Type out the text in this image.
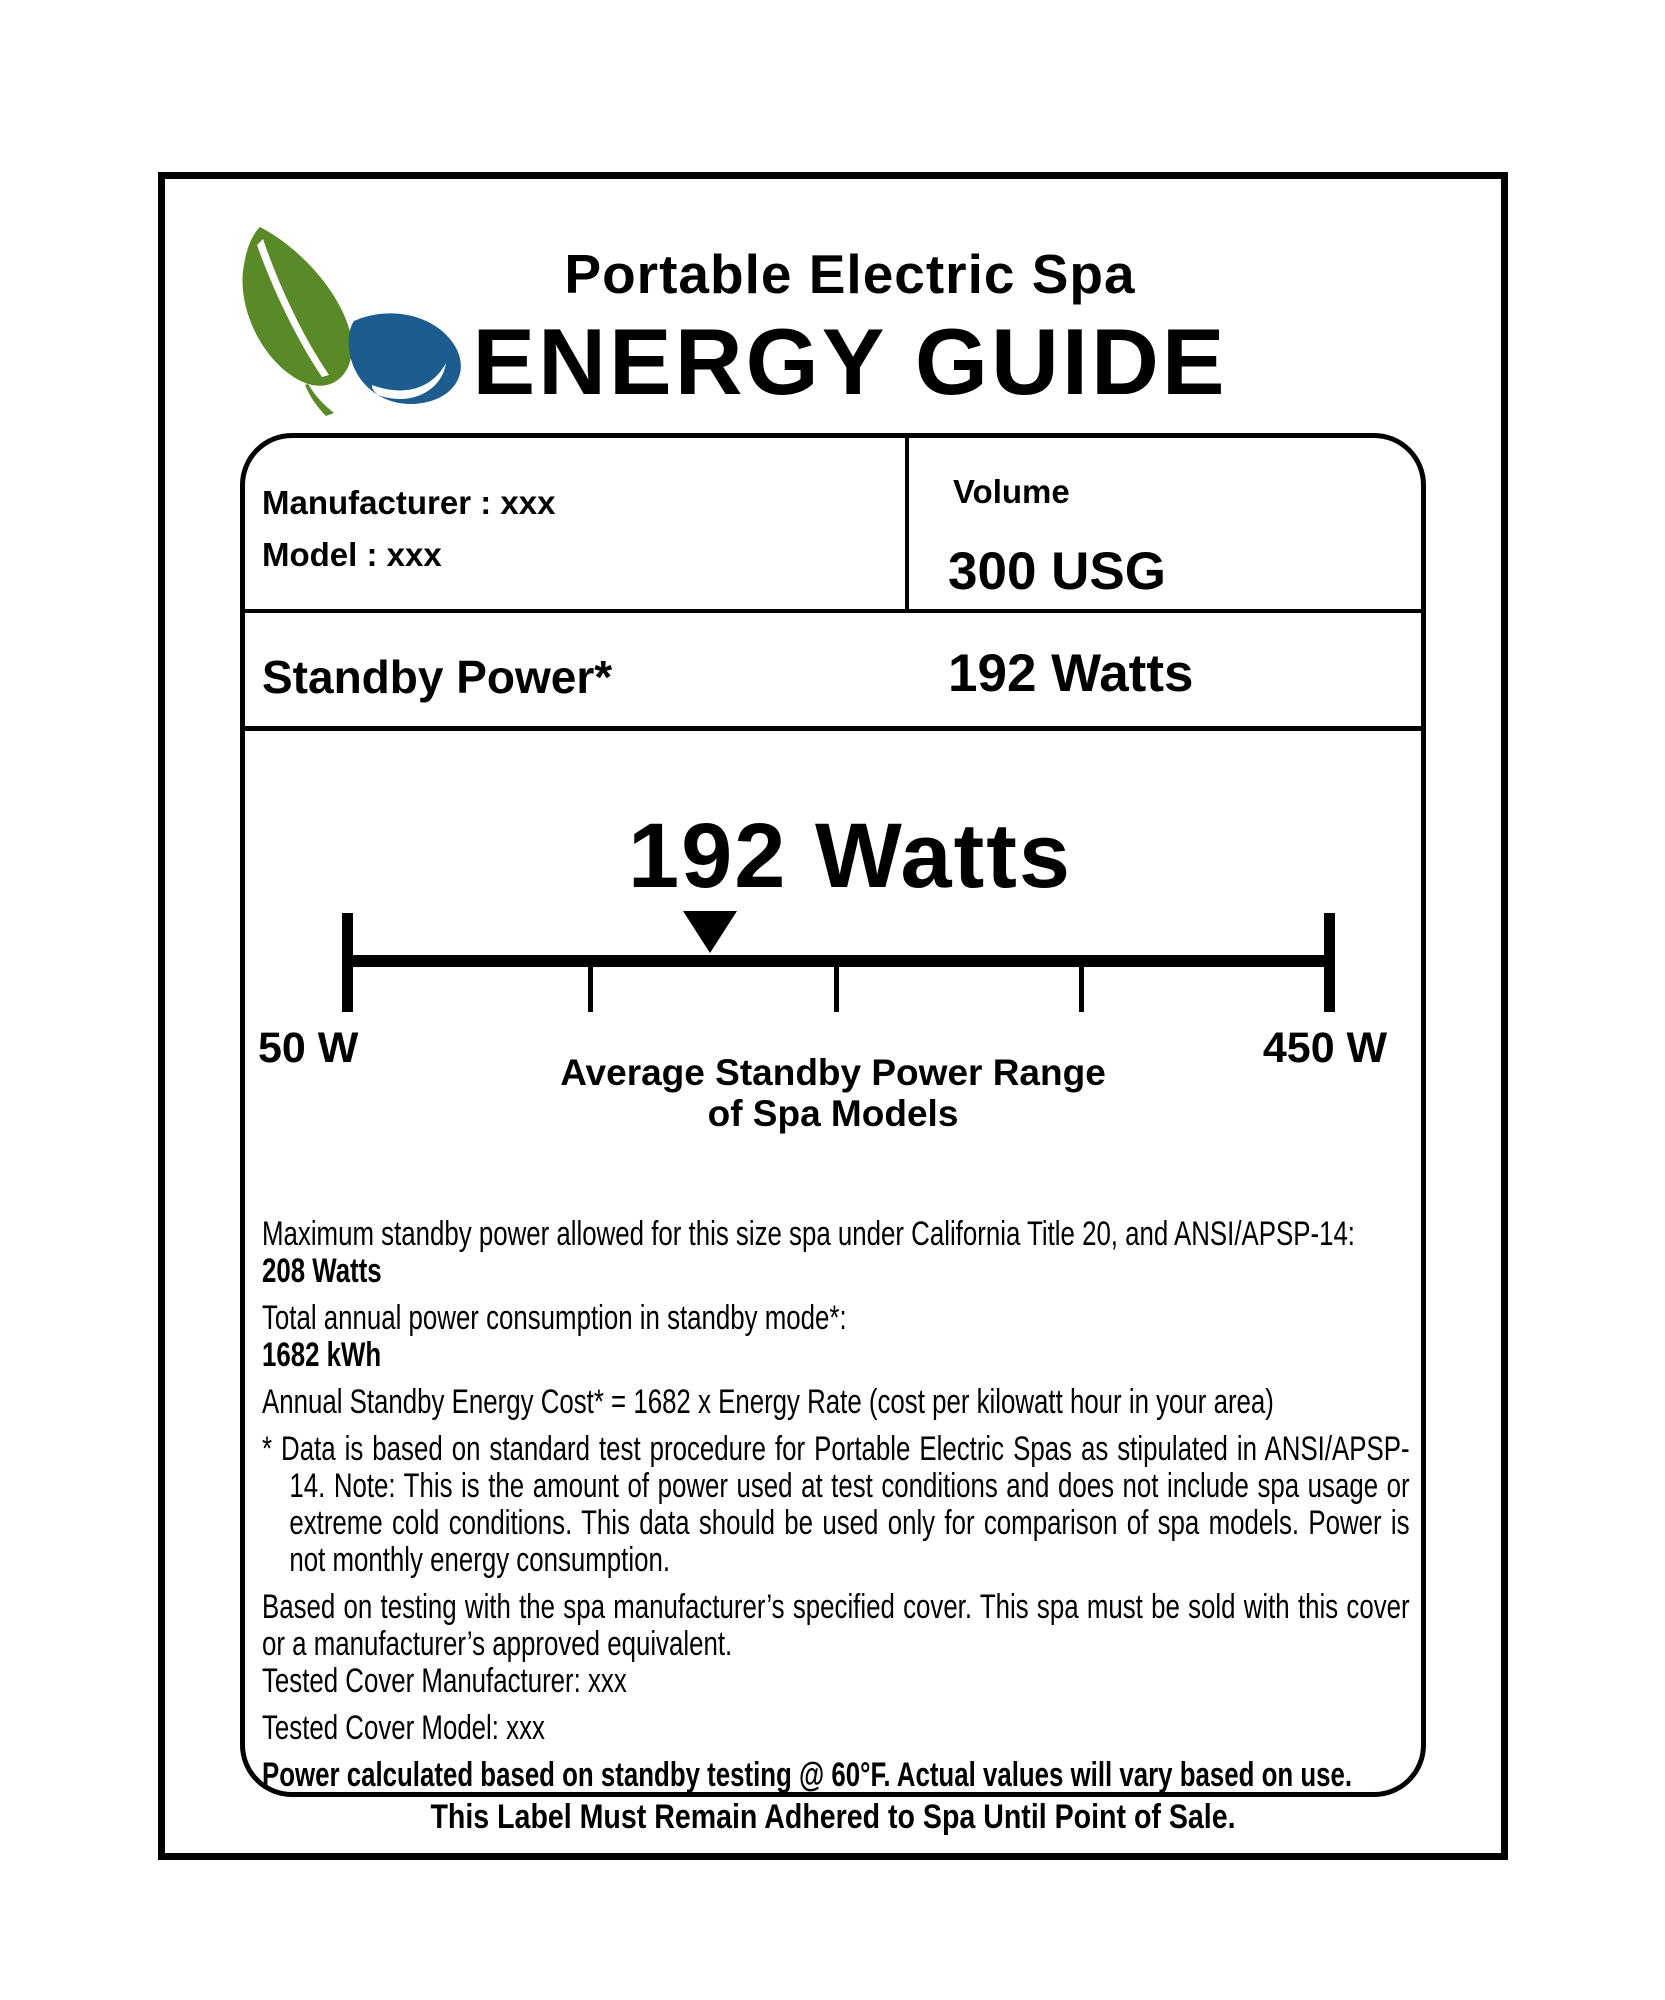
Portable Electric Spa
ENERGY GUIDE
Manufacturer : xxx
Model : xxx
Volume
300 USG
Standby Power*	192 Watts
192 Watts
50 W	450 W
Average Standby Power Range
of Spa Models

Maximum standby power allowed for this size spa under California Title 20, and ANSI/APSP-14:
208 Watts

Total annual power consumption in standby mode*:
1682 kWh

Annual Standby Energy Cost* = 1682 x Energy Rate (cost per kilowatt hour in your area)

* Data is based on standard test procedure for Portable Electric Spas as stipulated in ANSI/APSP-14. Note: This is the amount of power used at test conditions and does not include spa usage or extreme cold conditions. This data should be used only for comparison of spa models. Power is not monthly energy consumption.

Based on testing with the spa manufacturer’s specified cover. This spa must be sold with this cover or a manufacturer’s approved equivalent.

Tested Cover Manufacturer: xxx

Tested Cover Model: xxx

Power calculated based on standby testing @ 60°F. Actual values will vary based on use.

This Label Must Remain Adhered to Spa Until Point of Sale.
